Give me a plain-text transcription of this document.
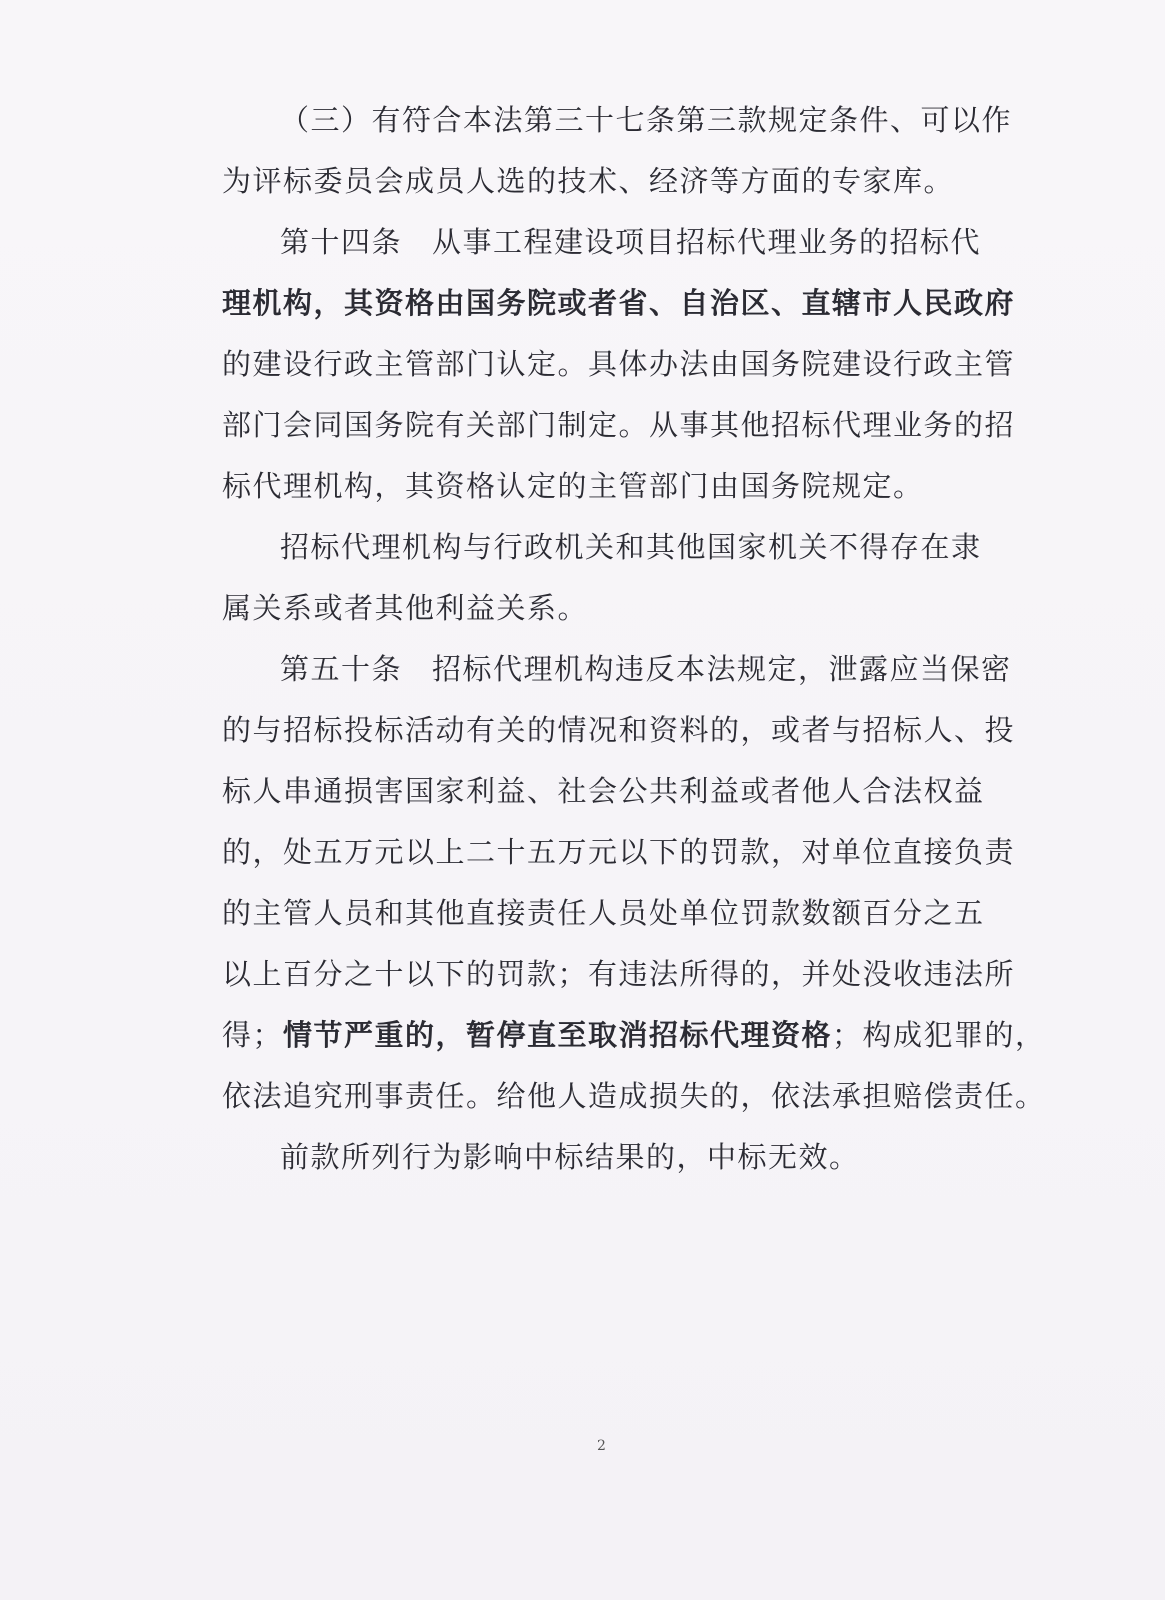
（三）有符合本法第三十七条第三款规定条件、可以作
为评标委员会成员人选的技术、经济等方面的专家库。
第十四条 从事工程建设项目招标代理业务的招标代
理机构，其资格由国务院或者省、自治区、直辖市人民政府
的建设行政主管部门认定。具体办法由国务院建设行政主管
部门会同国务院有关部门制定。从事其他招标代理业务的招
标代理机构，其资格认定的主管部门由国务院规定。
招标代理机构与行政机关和其他国家机关不得存在隶
属关系或者其他利益关系。
第五十条 招标代理机构违反本法规定，泄露应当保密
的与招标投标活动有关的情况和资料的，或者与招标人、投
标人串通损害国家利益、社会公共利益或者他人合法权益
的，处五万元以上二十五万元以下的罚款，对单位直接负责
的主管人员和其他直接责任人员处单位罚款数额百分之五
以上百分之十以下的罚款；有违法所得的，并处没收违法所
得；情节严重的，暂停直至取消招标代理资格；构成犯罪的，
依法追究刑事责任。给他人造成损失的，依法承担赔偿责任。
前款所列行为影响中标结果的，中标无效。
2
